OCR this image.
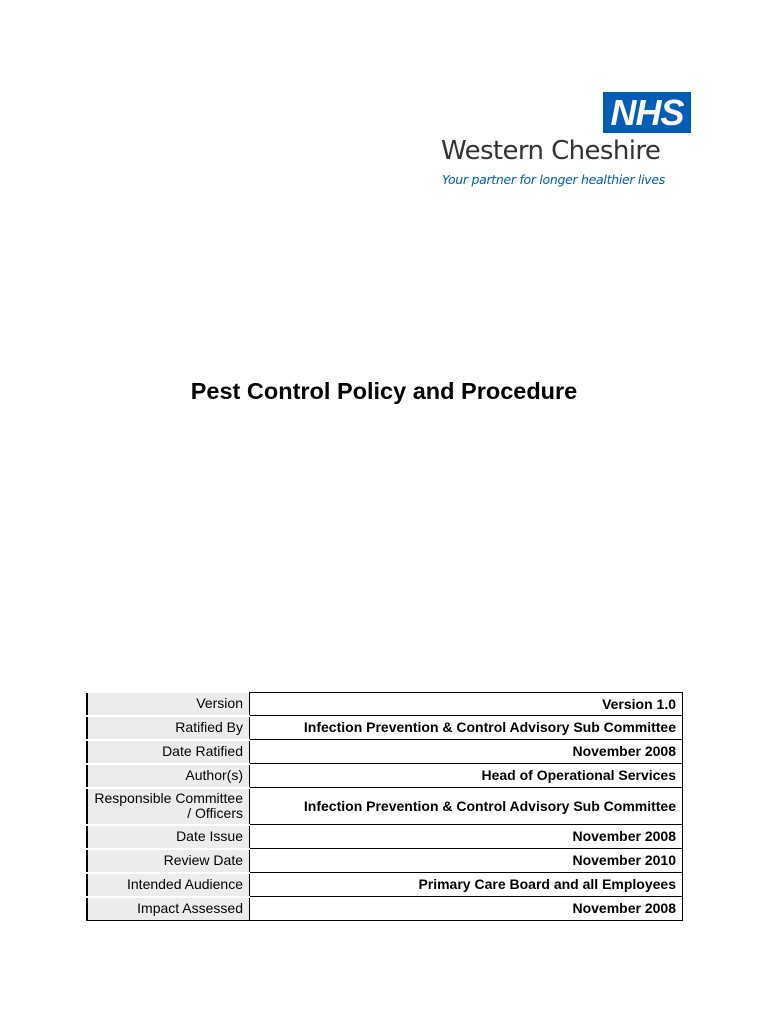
NHS
Western Cheshire
Your partner for longer healthier lives
Pest Control Policy and Procedure
Version	Version 1.0
Ratified By	Infection Prevention & Control Advisory Sub Committee
Date Ratified	November 2008
Author(s)	Head of Operational Services
Responsible Committee / Officers	Infection Prevention & Control Advisory Sub Committee
Date Issue	November 2008
Review Date	November 2010
Intended Audience	Primary Care Board and all Employees
Impact Assessed	November 2008
